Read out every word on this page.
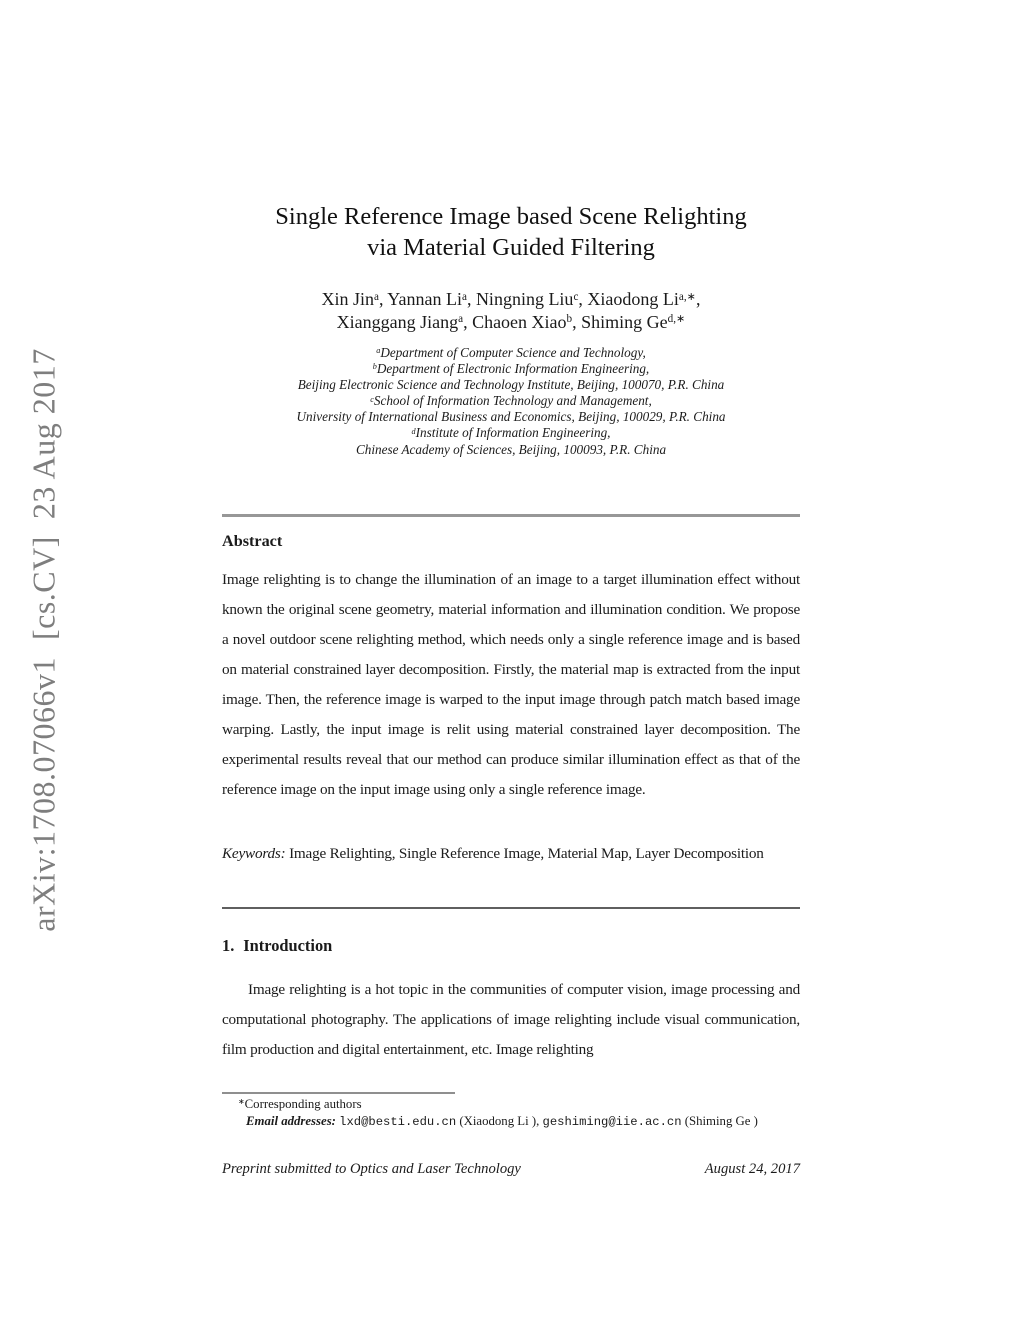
arXiv:1708.07066v1  [cs.CV]  23 Aug 2017
Single Reference Image based Scene Relighting
via Material Guided Filtering
Xin Jin$^a$, Yannan Li$^a$, Ningning Liu$^c$, Xiaodong $Li^{a,∗}$,
Xianggang Jiang$^a$, Chaoen Xiao$^b$, Shiming $Ge^{d,∗}$
$^a$Department of Computer Science and Technology,
$^b$Department of Electronic Information Engineering,
Beijing Electronic Science and Technology Institute, Beijing, 100070, P.R. China
$^c$School of Information Technology and Management,
University of International Business and Economics, Beijing, 100029, P.R. China
$^d$Institute of Information Engineering,
Chinese Academy of Sciences, Beijing, 100093, P.R. China
Abstract
Image relighting is to change the illumination of an image to a target illumination effect without known the original scene geometry, material information and illumination condition. We propose a novel outdoor scene relighting method, which needs only a single reference image and is based on material constrained layer decomposition. Firstly, the material map is extracted from the input image. Then, the reference image is warped to the input image through patch match based image warping. Lastly, the input image is relit using material constrained layer decomposition. The experimental results reveal that our method can produce similar illumination effect as that of the reference image on the input image using only a single reference image.
Keywords: Image Relighting, Single Reference Image, Material Map, Layer Decomposition
1. Introduction
Image relighting is a hot topic in the communities of computer vision, image processing and computational photography. The applications of image relighting include visual communication, film production and digital entertainment, etc. Image relighting
∗Corresponding authors
Email addresses: lxd@besti.edu.cn (Xiaodong Li ), geshiming@iie.ac.cn (Shiming Ge )
Preprint submitted to Optics and Laser Technology	August 24, 2017
